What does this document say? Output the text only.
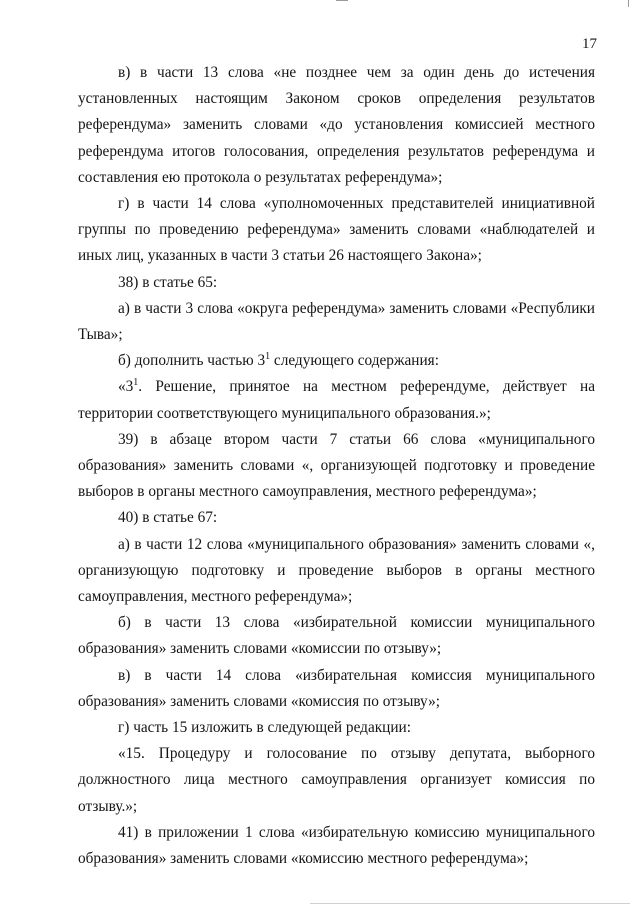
17

в) в части 13 слова «не позднее чем за один день до истечения установленных настоящим Законом сроков определения результатов референдума» заменить словами «до установления комиссией местного референдума итогов голосования, определения результатов референдума и составления ею протокола о результатах референдума»;

г) в части 14 слова «уполномоченных представителей инициативной группы по проведению референдума» заменить словами «наблюдателей и иных лиц, указанных в части 3 статьи 26 настоящего Закона»;

38) в статье 65:

а) в части 3 слова «округа референдума» заменить словами «Республики Тыва»;

б) дополнить частью $3^1$ следующего содержания:

«$3^1$. Решение, принятое на местном референдуме, действует на территории соответствующего муниципального образования.»;

39) в абзаце втором части 7 статьи 66 слова «муниципального образования» заменить словами «, организующей подготовку и проведение выборов в органы местного самоуправления, местного референдума»;

40) в статье 67:

а) в части 12 слова «муниципального образования» заменить словами «, организующую подготовку и проведение выборов в органы местного самоуправления, местного референдума»;

б) в части 13 слова «избирательной комиссии муниципального образования» заменить словами «комиссии по отзыву»;

в) в части 14 слова «избирательная комиссия муниципального образования» заменить словами «комиссия по отзыву»;

г) часть 15 изложить в следующей редакции:

«15. Процедуру и голосование по отзыву депутата, выборного должностного лица местного самоуправления организует комиссия по отзыву.»;

41) в приложении 1 слова «избирательную комиссию муниципального образования» заменить словами «комиссию местного референдума»;
